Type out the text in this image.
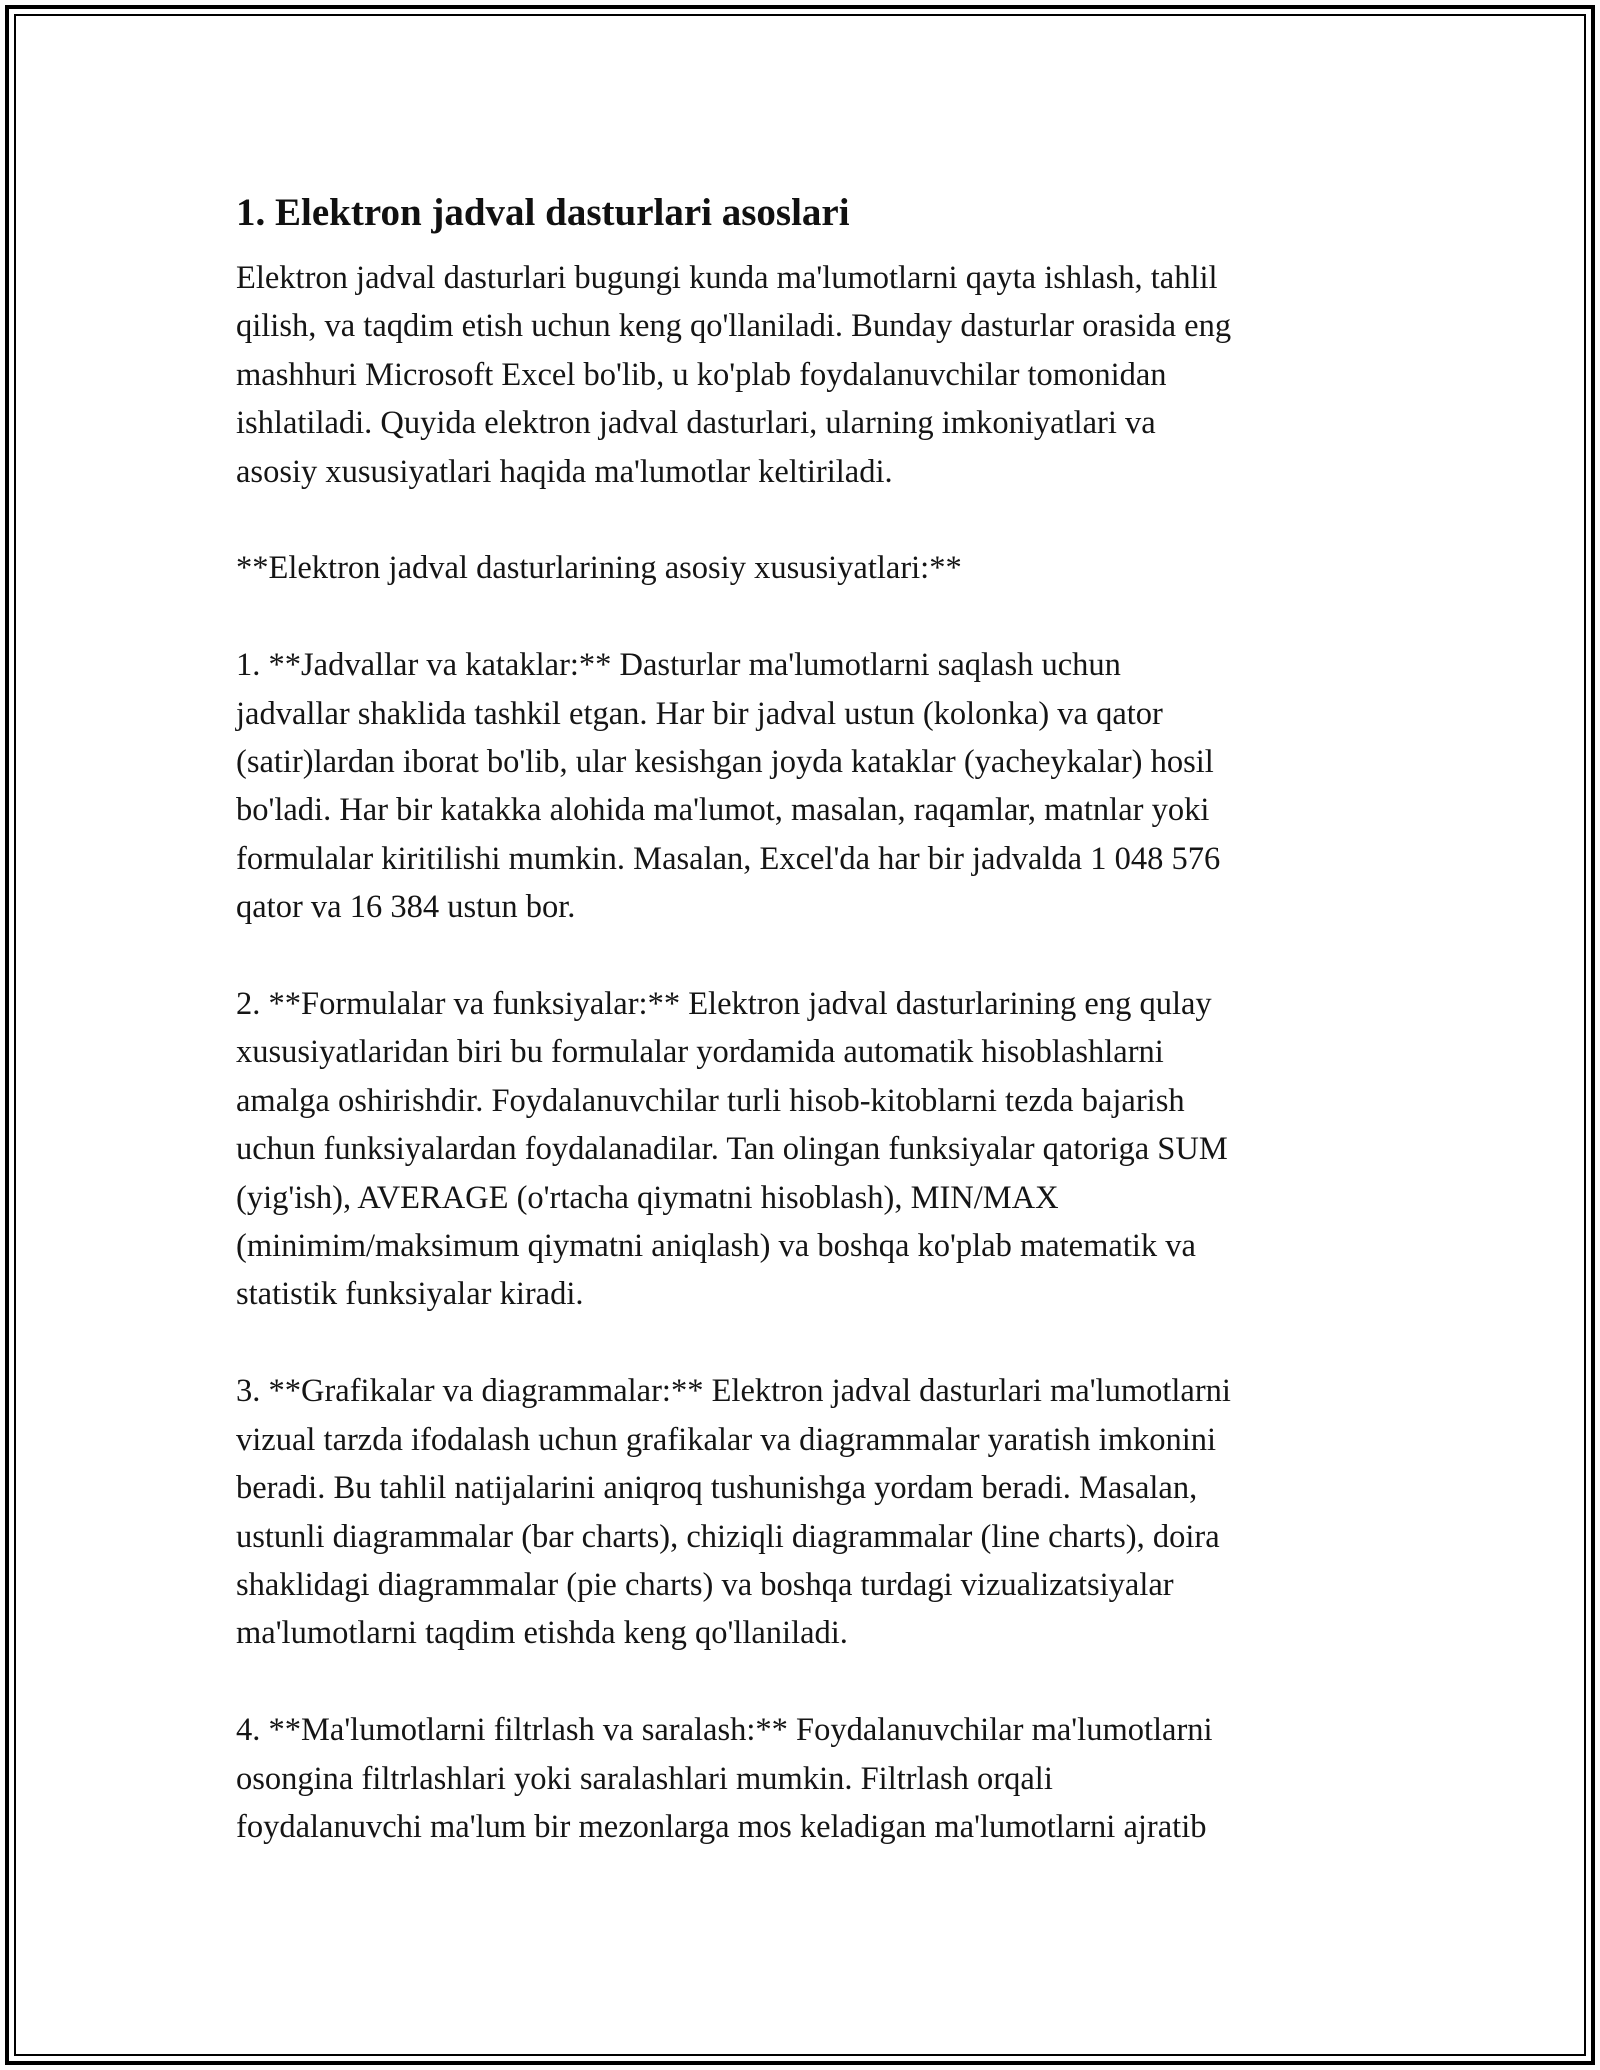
1. Elektron jadval dasturlari asoslari

Elektron jadval dasturlari bugungi kunda ma'lumotlarni qayta ishlash, tahlil
qilish, va taqdim etish uchun keng qo'llaniladi. Bunday dasturlar orasida eng
mashhuri Microsoft Excel bo'lib, u ko'plab foydalanuvchilar tomonidan
ishlatiladi. Quyida elektron jadval dasturlari, ularning imkoniyatlari va
asosiy xususiyatlari haqida ma'lumotlar keltiriladi.

**Elektron jadval dasturlarining asosiy xususiyatlari:**

1. **Jadvallar va kataklar:** Dasturlar ma'lumotlarni saqlash uchun
jadvallar shaklida tashkil etgan. Har bir jadval ustun (kolonka) va qator
(satir)lardan iborat bo'lib, ular kesishgan joyda kataklar (yacheykalar) hosil
bo'ladi. Har bir katakka alohida ma'lumot, masalan, raqamlar, matnlar yoki
formulalar kiritilishi mumkin. Masalan, Excel'da har bir jadvalda 1 048 576
qator va 16 384 ustun bor.

2. **Formulalar va funksiyalar:** Elektron jadval dasturlarining eng qulay
xususiyatlaridan biri bu formulalar yordamida automatik hisoblashlarni
amalga oshirishdir. Foydalanuvchilar turli hisob-kitoblarni tezda bajarish
uchun funksiyalardan foydalanadilar. Tan olingan funksiyalar qatoriga SUM
(yig'ish), AVERAGE (o'rtacha qiymatni hisoblash), MIN/MAX
(minimim/maksimum qiymatni aniqlash) va boshqa ko'plab matematik va
statistik funksiyalar kiradi.

3. **Grafikalar va diagrammalar:** Elektron jadval dasturlari ma'lumotlarni
vizual tarzda ifodalash uchun grafikalar va diagrammalar yaratish imkonini
beradi. Bu tahlil natijalarini aniqroq tushunishga yordam beradi. Masalan,
ustunli diagrammalar (bar charts), chiziqli diagrammalar (line charts), doira
shaklidagi diagrammalar (pie charts) va boshqa turdagi vizualizatsiyalar
ma'lumotlarni taqdim etishda keng qo'llaniladi.

4. **Ma'lumotlarni filtrlash va saralash:** Foydalanuvchilar ma'lumotlarni
osongina filtrlashlari yoki saralashlari mumkin. Filtrlash orqali
foydalanuvchi ma'lum bir mezonlarga mos keladigan ma'lumotlarni ajratib
